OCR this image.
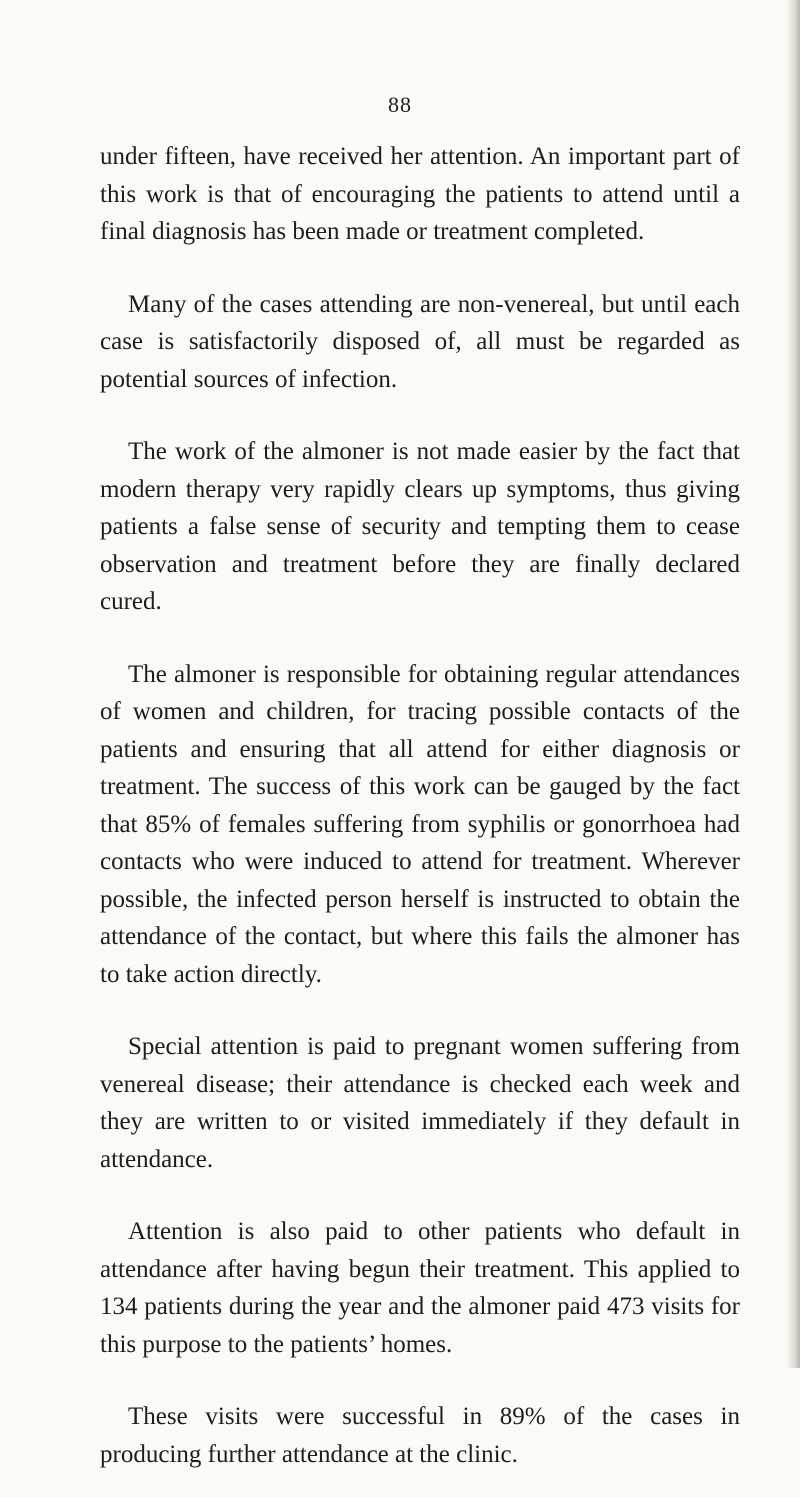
88

under fifteen, have received her attention. An important part of this work is that of encouraging the patients to attend until a final diagnosis has been made or treatment completed.

Many of the cases attending are non-venereal, but until each case is satisfactorily disposed of, all must be regarded as potential sources of infection.

The work of the almoner is not made easier by the fact that modern therapy very rapidly clears up symptoms, thus giving patients a false sense of security and tempting them to cease observation and treatment before they are finally declared cured.

The almoner is responsible for obtaining regular attendances of women and children, for tracing possible contacts of the patients and ensuring that all attend for either diagnosis or treatment. The success of this work can be gauged by the fact that 85% of females suffering from syphilis or gonorrhoea had contacts who were induced to attend for treatment. Wherever possible, the infected person herself is instructed to obtain the attendance of the contact, but where this fails the almoner has to take action directly.

Special attention is paid to pregnant women suffering from venereal disease; their attendance is checked each week and they are written to or visited immediately if they default in attendance.

Attention is also paid to other patients who default in attendance after having begun their treatment. This applied to 134 patients during the year and the almoner paid 473 visits for this purpose to the patients’ homes.

These visits were successful in 89% of the cases in producing further attendance at the clinic.
